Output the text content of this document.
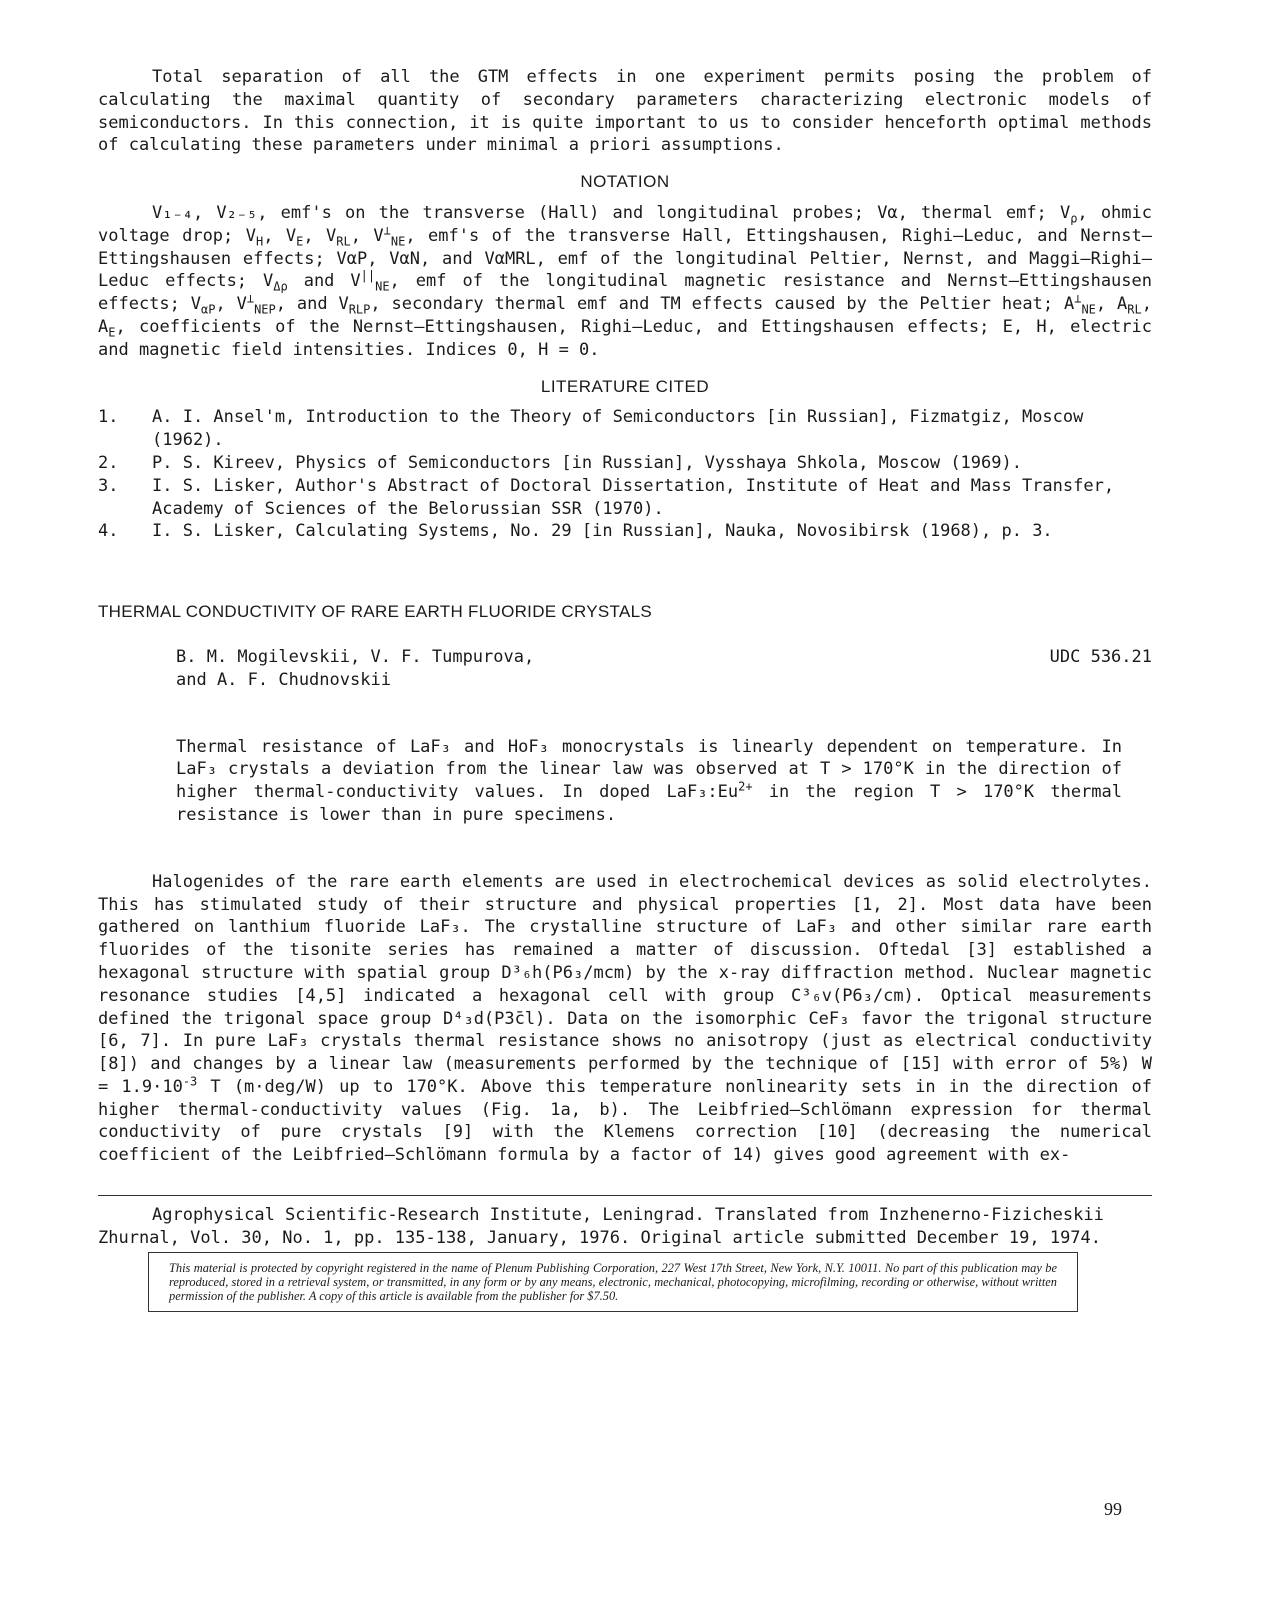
Total separation of all the GTM effects in one experiment permits posing the problem of calculating the maximal quantity of secondary parameters characterizing electronic models of semiconductors. In this connection, it is quite important to us to consider henceforth optimal methods of calculating these parameters under minimal a priori assumptions.

NOTATION

V₁₋₄, V₂₋₅, emf's on the transverse (Hall) and longitudinal probes; Vα, thermal emf; $V_\rho$, ohmic voltage drop; $V_H$, $V_E$, $V_{RL}$, $V^\perp_{NE}$, emf's of the transverse Hall, Ettingshausen, Righi–Leduc, and Nernst–Ettingshausen effects; VαP, VαN, and VαMRL, emf of the longitudinal Peltier, Nernst, and Maggi–Righi–Leduc effects; $V_{\Delta\rho}$ and $V^{||}_{NE}$, emf of the longitudinal magnetic resistance and Nernst–Ettingshausen effects; $V_{\alpha P}$, $V^\perp_{NEP}$, and $V_{RLP}$, secondary thermal emf and TM effects caused by the Peltier heat; $A^\perp_{NE}$, $A_{RL}$, $A_E$, coefficients of the Nernst–Ettingshausen, Righi–Leduc, and Ettingshausen effects; E, H, electric and magnetic field intensities. Indices 0, H = 0.

LITERATURE CITED
1.	A. I. Ansel'm, Introduction to the Theory of Semiconductors [in Russian], Fizmatgiz, Moscow (1962).
2.	P. S. Kireev, Physics of Semiconductors [in Russian], Vysshaya Shkola, Moscow (1969).
3.	I. S. Lisker, Author's Abstract of Doctoral Dissertation, Institute of Heat and Mass Transfer, Academy of Sciences of the Belorussian SSR (1970).
4.	I. S. Lisker, Calculating Systems, No. 29 [in Russian], Nauka, Novosibirsk (1968), p. 3.
THERMAL CONDUCTIVITY OF RARE EARTH FLUORIDE CRYSTALS
B. M. Mogilevskii, V. F. Tumpurova,
and A. F. Chudnovskii
UDC 536.21

Thermal resistance of LaF₃ and HoF₃ monocrystals is linearly dependent on temperature. In LaF₃ crystals a deviation from the linear law was observed at T > 170°K in the direction of higher thermal-conductivity values. In doped $LaF_3:Eu^{2+}$ in the region T > 170°K thermal resistance is lower than in pure specimens.

Halogenides of the rare earth elements are used in electrochemical devices as solid electrolytes. This has stimulated study of their structure and physical properties [1, 2]. Most data have been gathered on lanthium fluoride LaF₃. The crystalline structure of LaF₃ and other similar rare earth fluorides of the tisonite series has remained a matter of discussion. Oftedal [3] established a hexagonal structure with spatial group D³₆h(P6₃/mcm) by the x-ray diffraction method. Nuclear magnetic resonance studies [4,5] indicated a hexagonal cell with group C³₆v(P6₃/cm). Optical measurements defined the trigonal space group D⁴₃d(P3̄cl). Data on the isomorphic CeF₃ favor the trigonal structure [6, 7]. In pure LaF₃ crystals thermal resistance shows no anisotropy (just as electrical conductivity [8]) and changes by a linear law (measurements performed by the technique of [15] with error of 5%) $W = 1.9\cdot 10^{-3}$ T (m·deg/W) up to 170°K. Above this temperature nonlinearity sets in in the direction of higher thermal-conductivity values (Fig. 1a, b). The Leibfried–Schlömann expression for thermal conductivity of pure crystals [9] with the Klemens correction [10] (decreasing the numerical coefficient of the Leibfried–Schlömann formula by a factor of 14) gives good agreement with ex-

Agrophysical Scientific-Research Institute, Leningrad. Translated from Inzhenerno-Fizicheskii Zhurnal, Vol. 30, No. 1, pp. 135-138, January, 1976. Original article submitted December 19, 1974.

This material is protected by copyright registered in the name of Plenum Publishing Corporation, 227 West 17th Street, New York, N.Y. 10011. No part of this publication may be reproduced, stored in a retrieval system, or transmitted, in any form or by any means, electronic, mechanical, photocopying, microfilming, recording or otherwise, without written permission of the publisher. A copy of this article is available from the publisher for $7.50.
99
